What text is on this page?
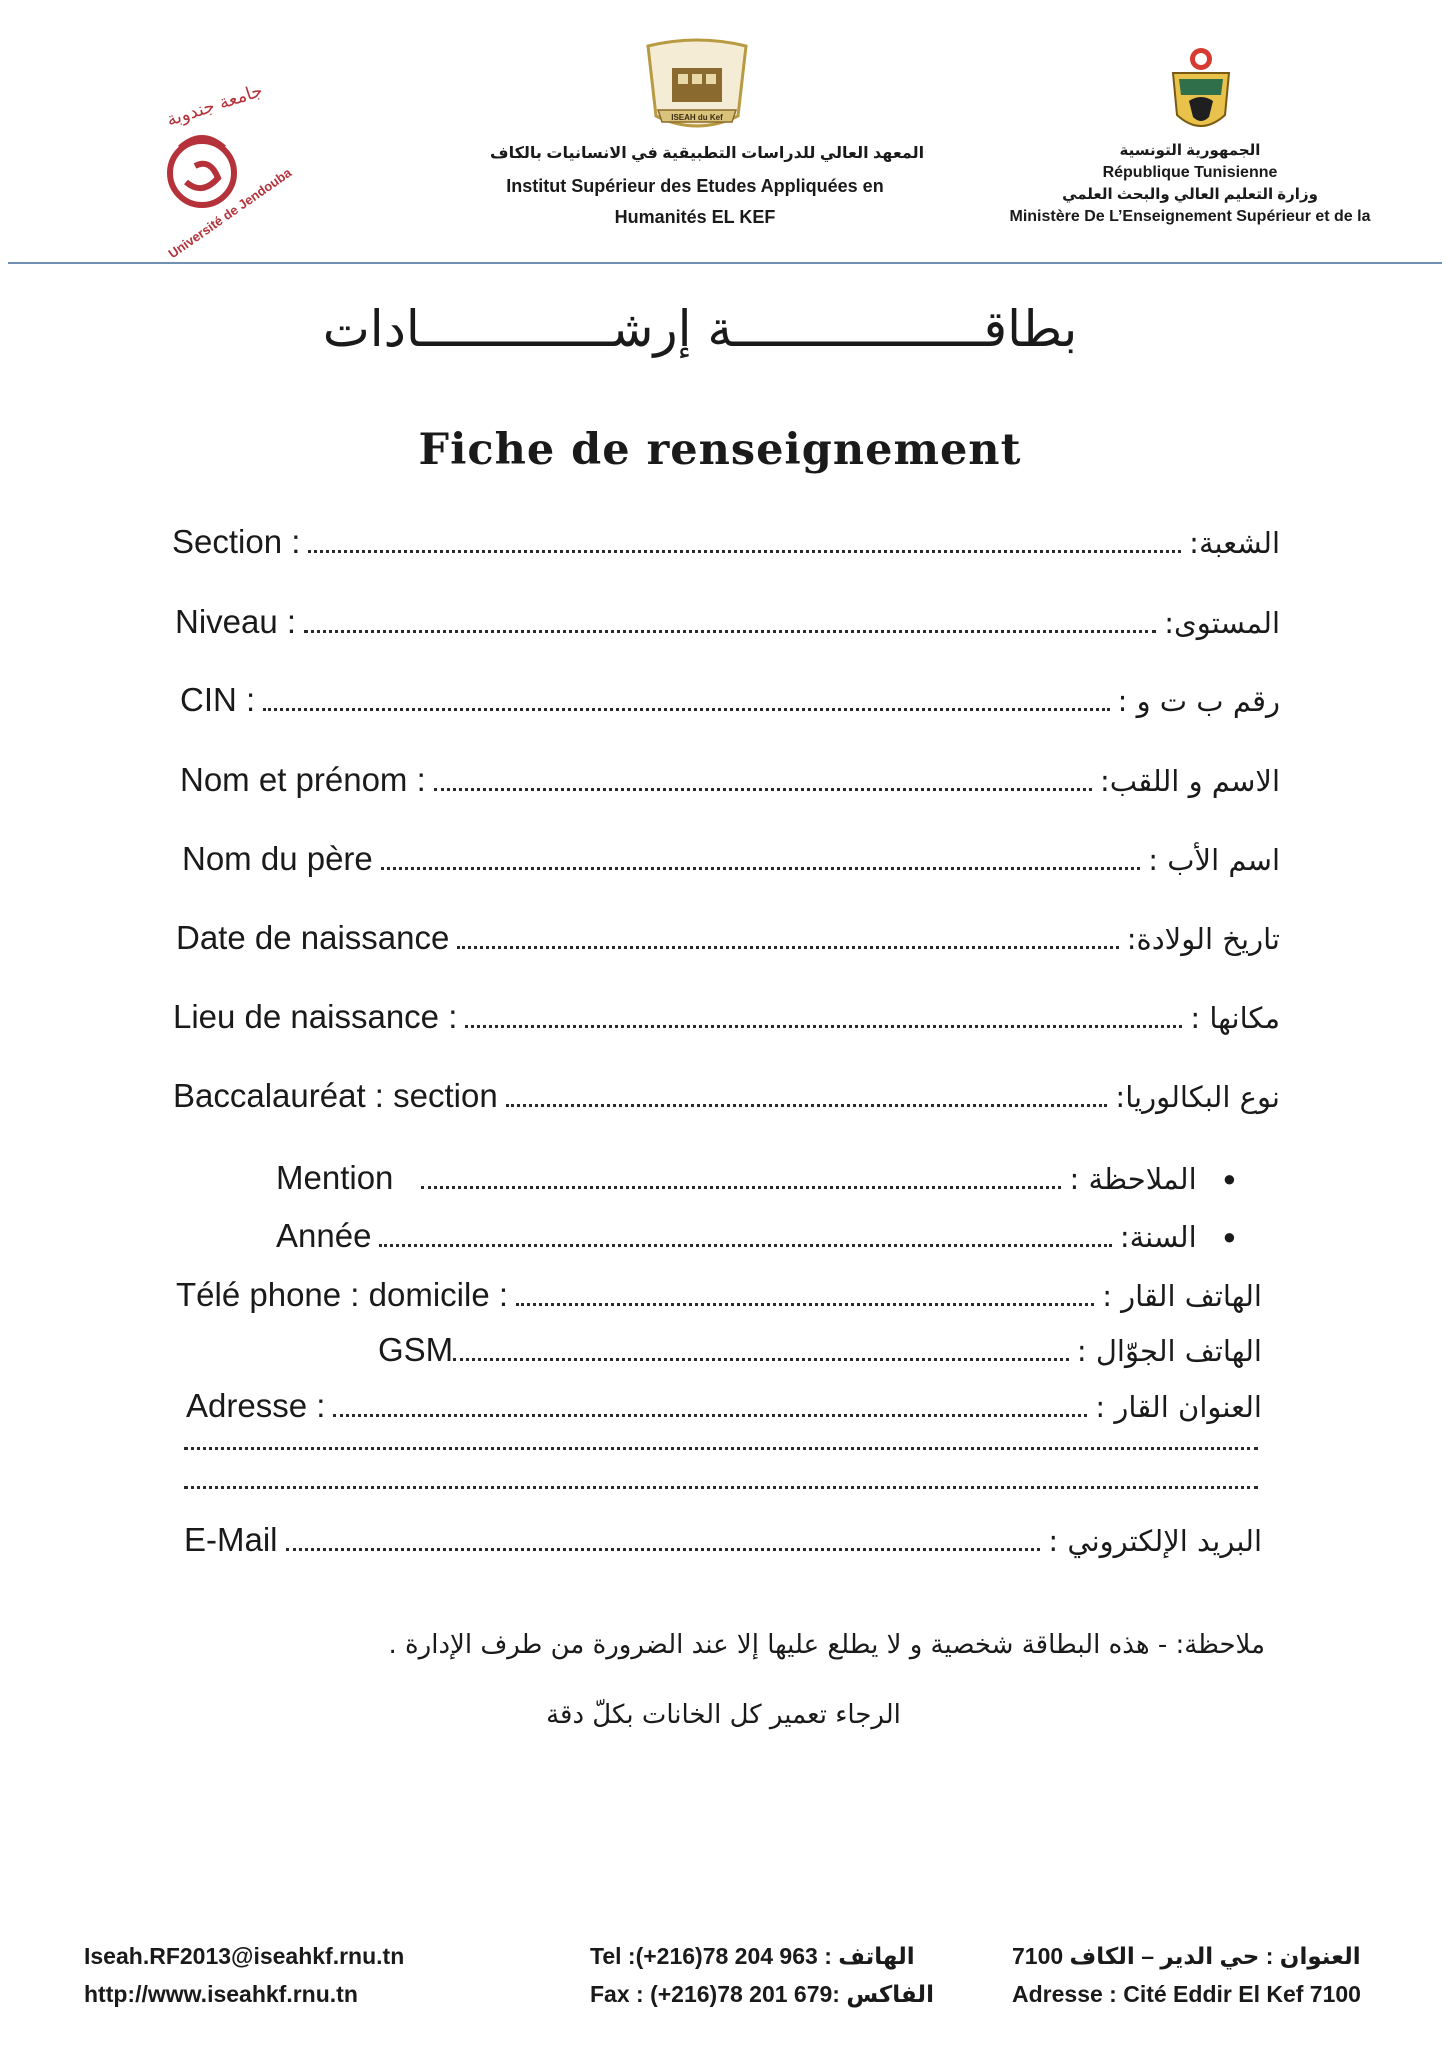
جامعة جندوبة
Université de Jendouba
ISEAH du Kef
المعهد العالي للدراسات التطبيقية في الانسانيات بالكاف
Institut Supérieur des Etudes Appliquées en
Humanités EL KEF
الجمهورية التونسية
République Tunisienne
وزارة التعليم العالي والبحث العلمي
Ministère De L’Enseignement Supérieur et de la
بطاقـــــــــــــــــة إرشـــــــــــــادات
Fiche de renseignement
Section :	الشعبة:
Niveau :	المستوى:
CIN :	رقم ب ت و :
Nom et prénom :	الاسم و اللقب:
Nom du père	اسم الأب :
Date de naissance	تاريخ الولادة:
Lieu de naissance :	مكانها :
Baccalauréat : section	نوع البكالوريا:
Mention	الملاحظة :	●
Année	السنة:	●
Télé phone : domicile :	الهاتف القار :
GSM	الهاتف الجوّال :
Adresse :	العنوان القار :
E-Mail	البريد الإلكتروني :
ملاحظة: - هذه البطاقة شخصية و لا يطلع عليها إلا عند الضرورة من طرف الإدارة .
الرجاء تعمير كل الخانات بكلّ دقة
Iseah.RF2013@iseahkf.rnu.tn
http://www.iseahkf.rnu.tn
Tel :(+216)78 204 963 : الهاتف
Fax : (+216)78 201 679: الفاكس
العنوان : حي الدير – الكاف 7100
Adresse : Cité Eddir El Kef 7100
